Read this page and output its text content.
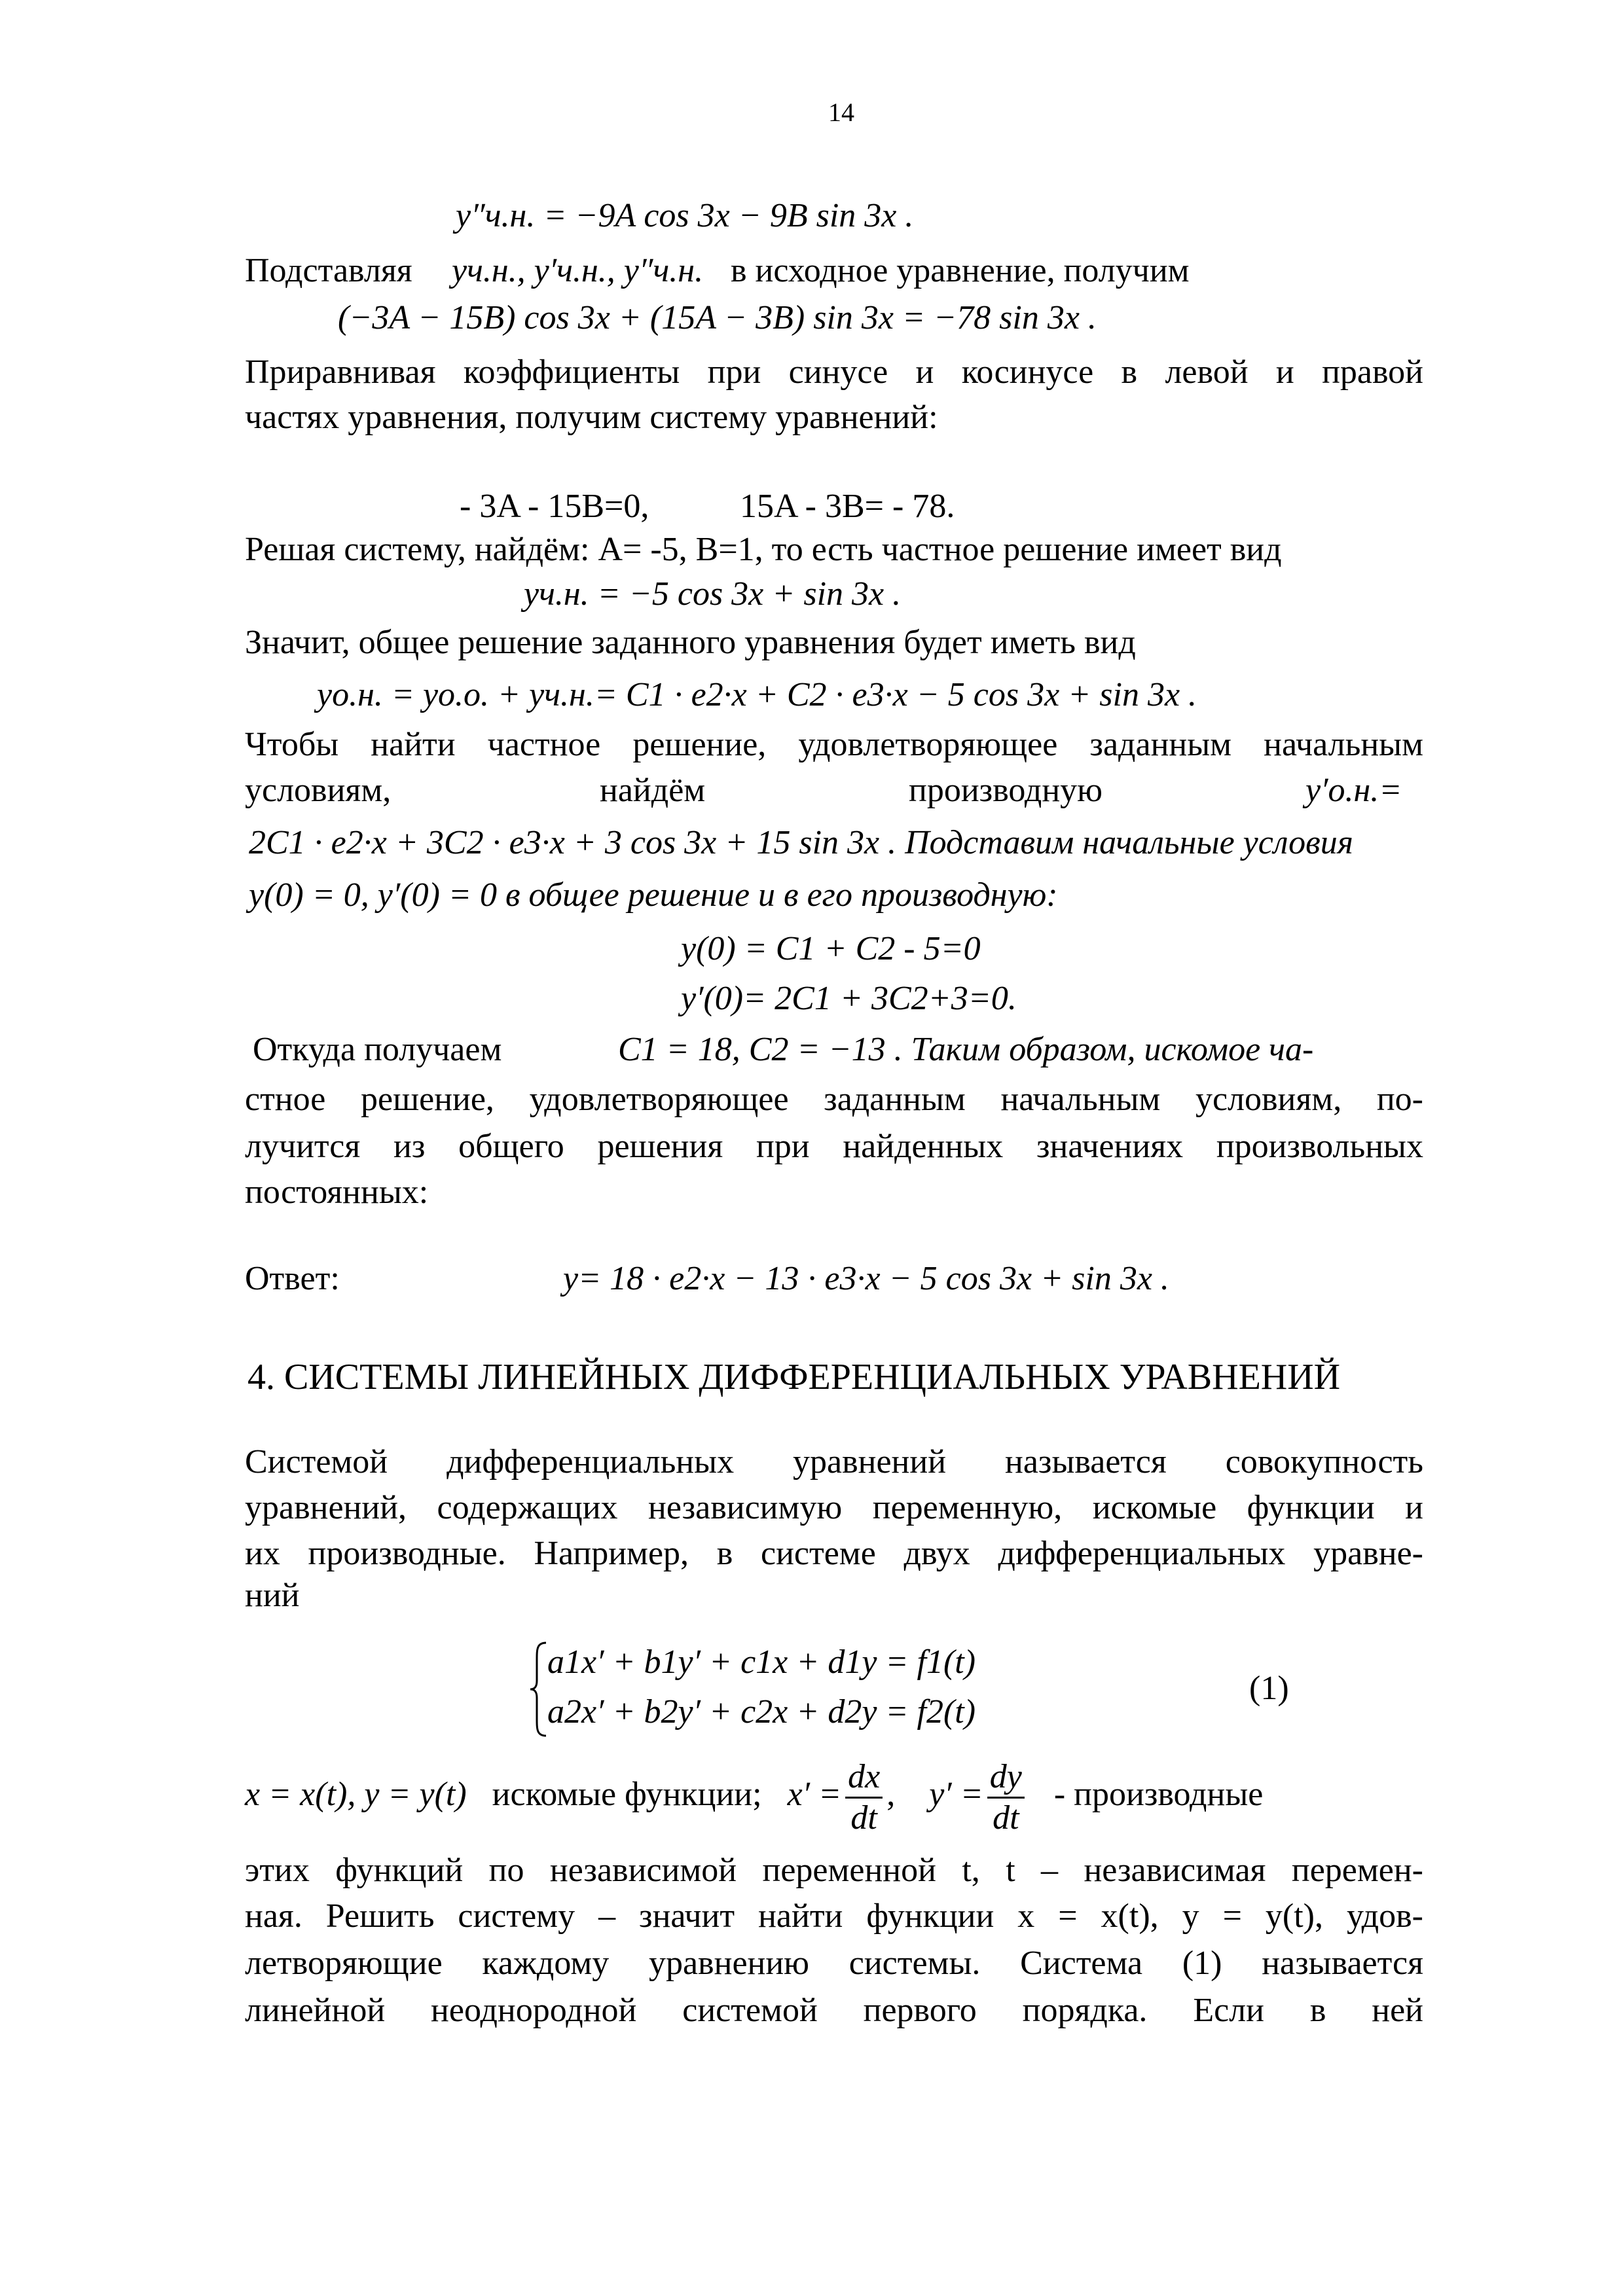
14
y″ч.н. = −9A cos 3x − 9B sin 3x .
Подставляя yч.н., y′ч.н., y″ч.н. в исходное уравнение, получим
(−3A − 15B) cos 3x + (15A − 3B) sin 3x = −78 sin 3x .
Приравнивая коэффициенты при синусе и косинусе в левой и правой
частях уравнения, получим систему уравнений:
- 3A - 15B=0,	15A - 3B= - 78.
Решая систему, найдём: A= -5, B=1, то есть частное решение имеет вид
yч.н. = −5 cos 3x + sin 3x .
Значит, общее решение заданного уравнения будет иметь вид
yо.н. = yо.о. + yч.н.= C1 · e2·x + C2 · e3·x − 5 cos 3x + sin 3x .
Чтобы найти частное решение, удовлетворяющее заданным начальным
условиям,	найдём	производную	y′о.н.=
2C1 · e2·x + 3C2 · e3·x + 3 cos 3x + 15 sin 3x . Подставим начальные условия
y(0) = 0, y′(0) = 0 в общее решение и в его производную:
y(0) = C1 + C2 - 5=0
y′(0)= 2C1 + 3C2+3=0.
Откуда получаем	C1 = 18, C2 = −13 . Таким образом, искомое ча-
стное решение, удовлетворяющее заданным начальным условиям, по-
лучится из общего решения при найденных значениях произвольных
постоянных:
Ответ:	y= 18 · e2·x − 13 · e3·x − 5 cos 3x + sin 3x .
4. СИСТЕМЫ ЛИНЕЙНЫХ ДИФФЕРЕНЦИАЛЬНЫХ УРАВНЕНИЙ
Системой дифференциальных уравнений называется совокупность
уравнений, содержащих независимую переменную, искомые функции и
их производные. Например, в системе двух дифференциальных уравне-
ний
a1x′ + b1y′ + c1x + d1y = f1(t)
a2x′ + b2y′ + c2x + d2y = f2(t)
(1)
x = x(t), y = y(t) искомые функции; $x' = \frac{dx}{dt}$ ,    $y' = \frac{dy}{dt}$ - производные
этих функций по независимой переменной t, t – независимая перемен-
ная. Решить систему – значит найти функции x = x(t), y = y(t), удов-
летворяющие каждому уравнению системы. Система (1) называется
линейной неоднородной системой первого порядка. Если в ней
